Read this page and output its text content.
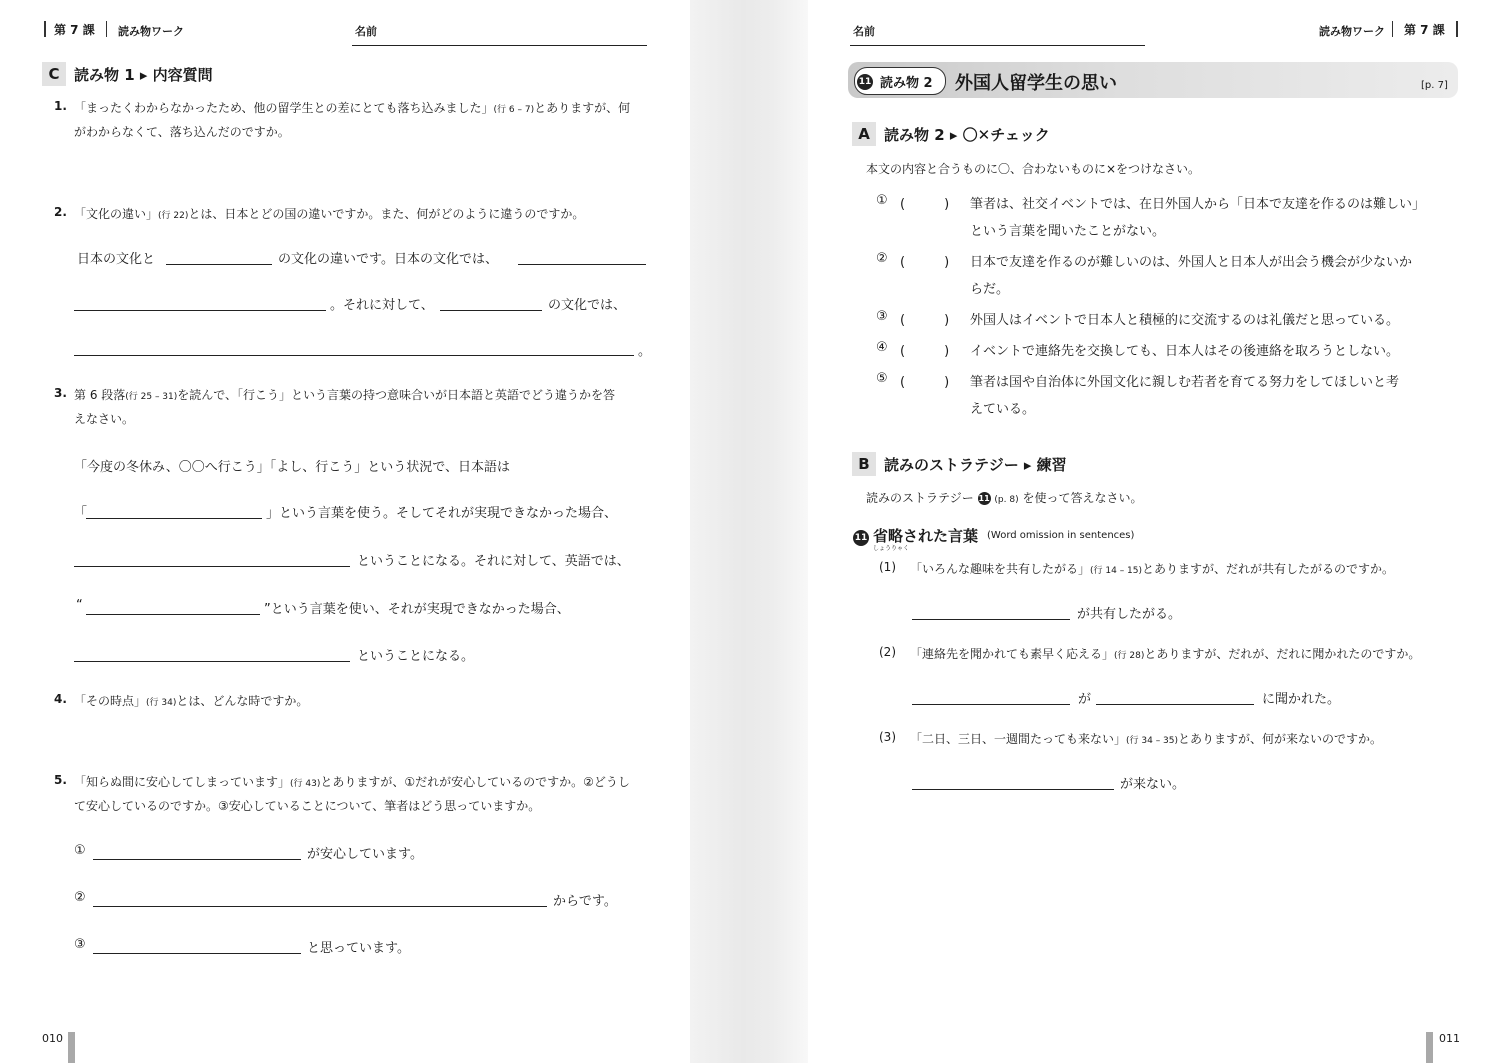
第 7 課 読み物ワーク	名前
C 読み物 1 ▸ 内容質問
1. 「まったくわからなかったため、他の留学生との差にとても落ち込みました」(行 6 – 7)とありますが、何
がわからなくて、落ち込んだのですか。
2. 「文化の違い」(行 22)とは、日本とどの国の違いですか。また、何がどのように違うのですか。
日本の文化と	の文化の違いです。日本の文化では、
。それに対して、	の文化では、
。
3. 第 6 段落(行 25 – 31)を読んで、「行こう」という言葉の持つ意味合いが日本語と英語でどう違うかを答
えなさい。
「今度の冬休み、〇〇へ行こう」「よし、行こう」という状況で、日本語は
「	」という言葉を使う。そしてそれが実現できなかった場合、
ということになる。それに対して、英語では、
“	”という言葉を使い、それが実現できなかった場合、
ということになる。
4. 「その時点」(行 34)とは、どんな時ですか。
5. 「知らぬ間に安心してしまっています」(行 43)とありますが、①だれが安心しているのですか。②どうし
て安心しているのですか。③安心していることについて、筆者はどう思っていますか。
①	が安心しています。
②	からです。
③	と思っています。
010
名前	読み物ワーク 第 7 課
11 読み物 2 外国人留学生の思い	[p. 7]
A 読み物 2 ▸ 〇✕チェック
本文の内容と合うものに〇、合わないものに×をつけなさい。
① (　　　) 筆者は、社交イベントでは、在日外国人から「日本で友達を作るのは難しい」
という言葉を聞いたことがない。
② (　　　) 日本で友達を作るのが難しいのは、外国人と日本人が出会う機会が少ないか
らだ。
③ (　　　) 外国人はイベントで日本人と積極的に交流するのは礼儀だと思っている。
④ (　　　) イベントで連絡先を交換しても、日本人はその後連絡を取ろうとしない。
⑤ (　　　) 筆者は国や自治体に外国文化に親しむ若者を育てる努力をしてほしいと考
えている。
B 読みのストラテジー ▸ 練習
読みのストラテジー 11 (p. 8) を使って答えなさい。
11 省略された言葉
しょうりゃく
(Word omission in sentences)
(1) 「いろんな趣味を共有したがる」(行 14 – 15)とありますが、だれが共有したがるのですか。
が共有したがる。
(2) 「連絡先を聞かれても素早く応える」(行 28)とありますが、だれが、だれに聞かれたのですか。
が	に聞かれた。
(3) 「二日、三日、一週間たっても来ない」(行 34 – 35)とありますが、何が来ないのですか。
が来ない。
011
